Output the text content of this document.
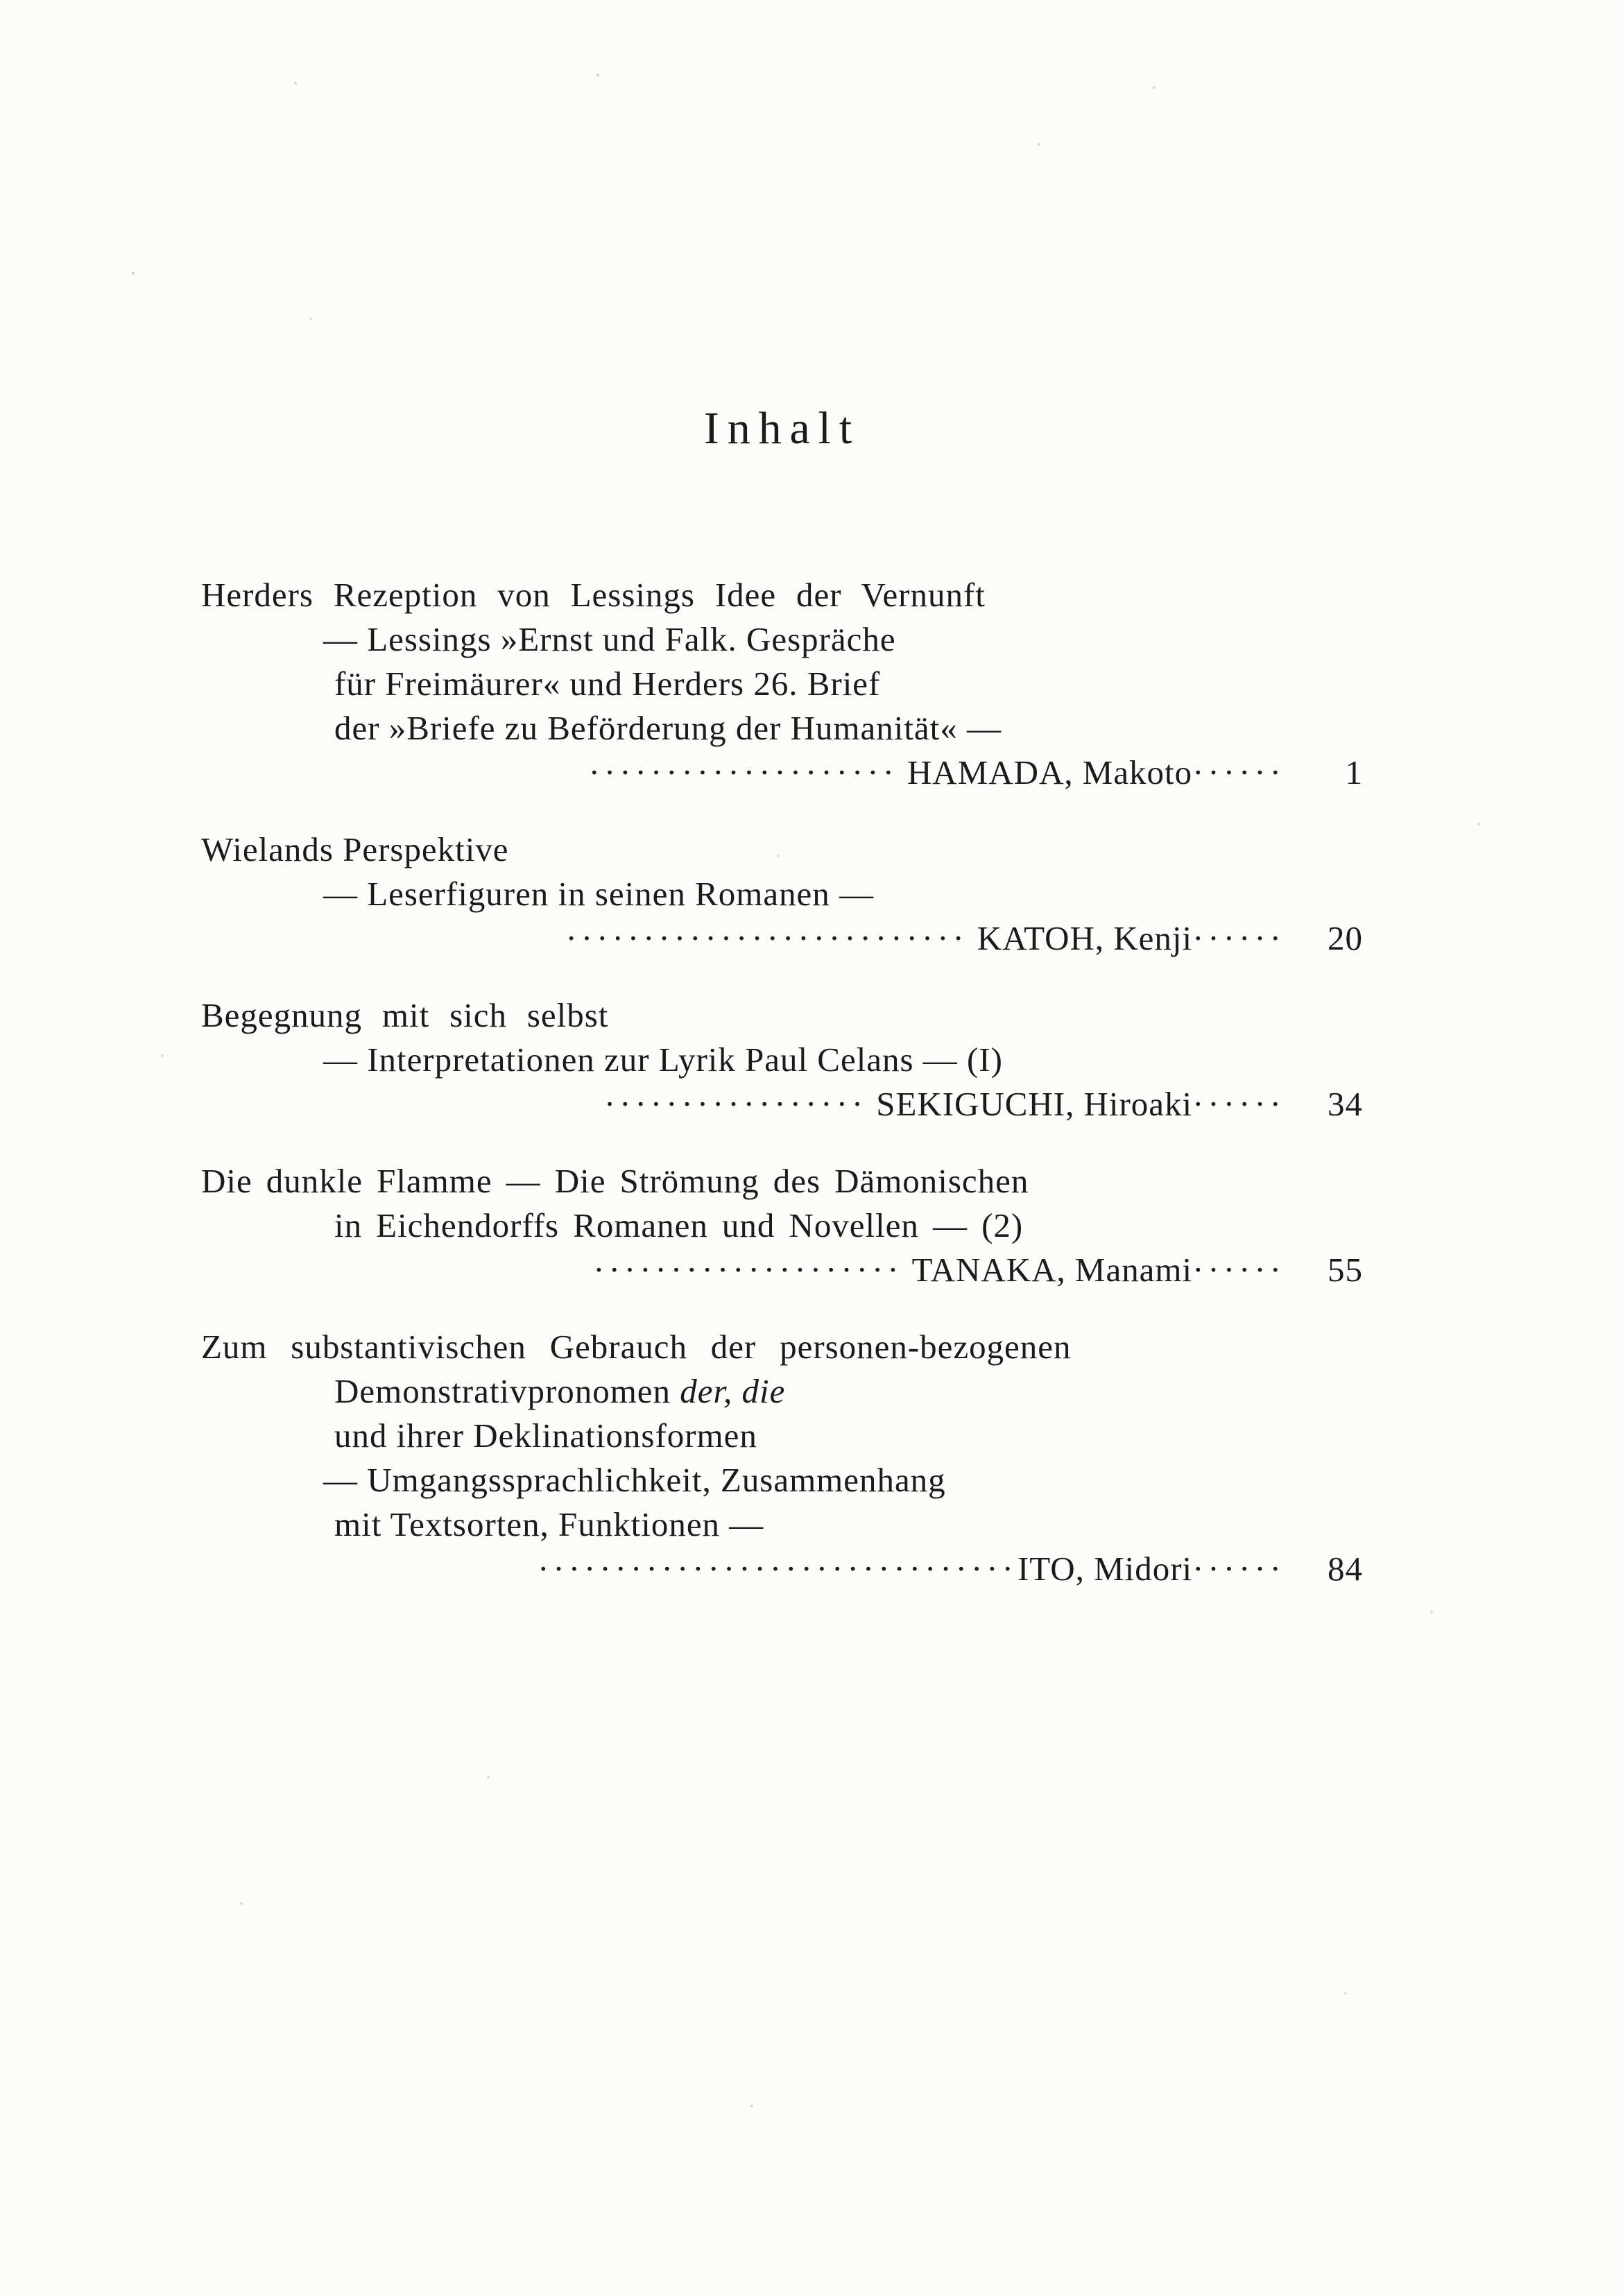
Inhalt
Herders Rezeption von Lessings Idee der Vernunft
— Lessings »Ernst und Falk. Gespräche
für Freimäurer« und Herders 26. Brief
der »Briefe zu Beförderung der Humanität« —
···················· HAMADA, Makoto ······	1
Wielands Perspektive
— Leserfiguren in seinen Romanen —
·························· KATOH, Kenji ······	20
Begegnung mit sich selbst
— Interpretationen zur Lyrik Paul Celans — (I)
················· SEKIGUCHI, Hiroaki ······	34
Die dunkle Flamme — Die Strömung des Dämonischen
in Eichendorffs Romanen und Novellen — (2)
···················· TANAKA, Manami ······	55
Zum substantivischen Gebrauch der personen-bezogenen
Demonstrativpronomen der, die
und ihrer Deklinationsformen
— Umgangssprachlichkeit, Zusammenhang
mit Textsorten, Funktionen —
······························· ITO, Midori ······	84
